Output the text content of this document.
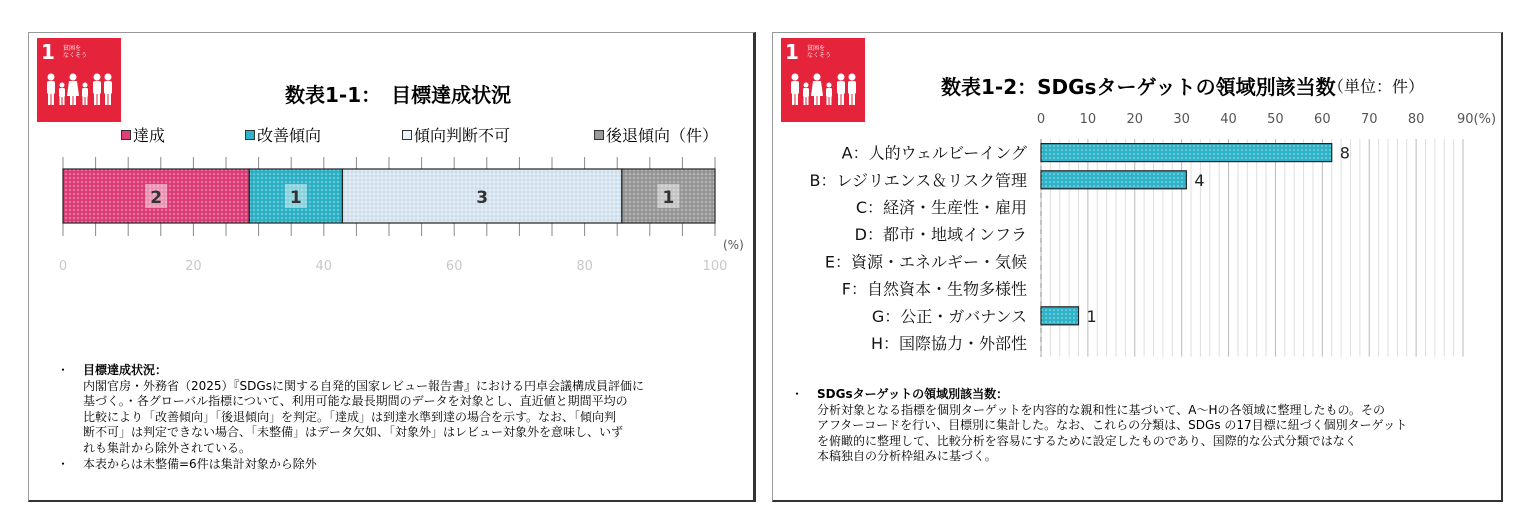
1 貧困を
なくそう
数表1-1：　目標達成状況
達成	改善傾向	傾向判断不可	後退傾向（件）
2	1	3	1
0	20	40	60	80	100
(%)
・ 目標達成状況：
内閣官房・外務省（2025）『SDGsに関する自発的国家レビュー報告書』における円卓会議構成員評価に
基づく。・各グローバル指標について、利用可能な最長期間のデータを対象とし、直近値と期間平均の
比較により「改善傾向」「後退傾向」を判定。「達成」は到達水準到達の場合を示す。なお、「傾向判
断不可」は判定できない場合、「未整備」はデータ欠如、「対象外」はレビュー対象外を意味し、いず
れも集計から除外されている。
・ 本表からは未整備=6件は集計対象から除外
1 貧困を
なくそう
数表1-2：SDGsターゲットの領域別該当数
（単位：件）
0	10 20 30 40 50 60 70 80	90(%)
A：人的ウェルビーイング	8
B：レジリエンス＆リスク管理	4
C：経済・生産性・雇用
D：都市・地域インフラ
E：資源・エネルギー・気候
F：自然資本・生物多様性
G：公正・ガバナンス	1
H：国際協力・外部性
・ SDGsターゲットの領域別該当数：
分析対象となる指標を個別ターゲットを内容的な親和性に基づいて、A～Hの各領域に整理したもの。その
アフターコードを行い、目標別に集計した。なお、これらの分類は、SDGs の17目標に紐づく個別ターゲット
を俯瞰的に整理して、比較分析を容易にするために設定したものであり、国際的な公式分類ではなく
本稿独自の分析枠組みに基づく。
